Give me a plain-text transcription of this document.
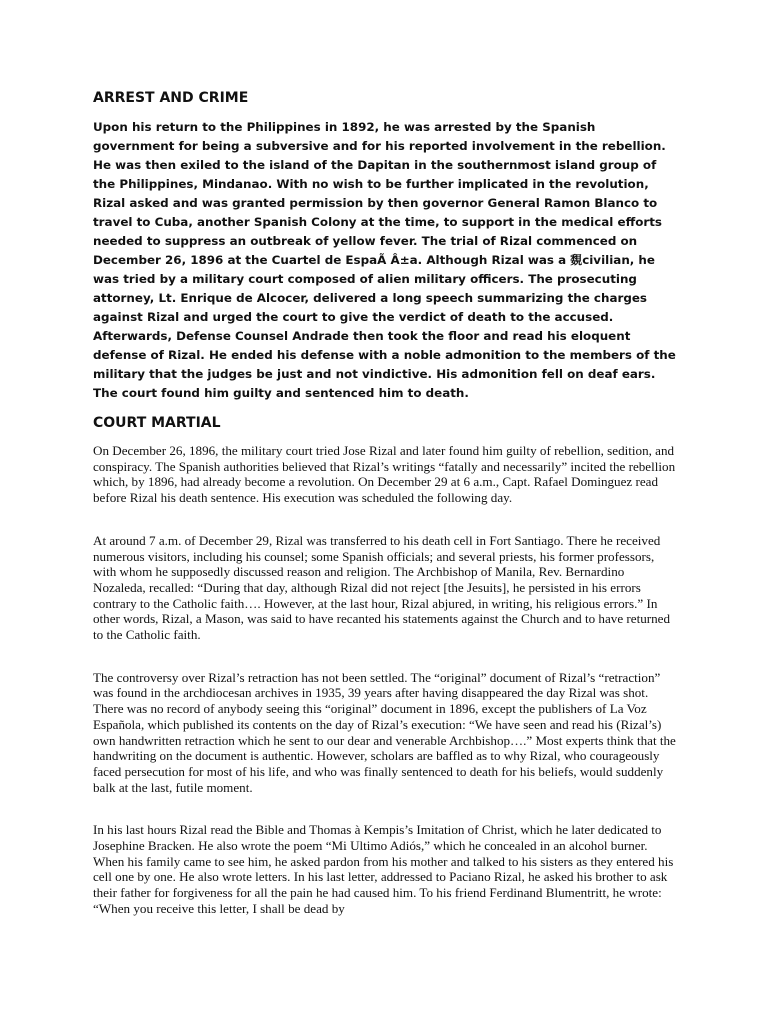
ARREST AND CRIME

Upon his return to the Philippines in 1892, he was arrested by the Spanish government for being a subversive and for his reported involvement in the rebellion. He was then exiled to the island of the Dapitan in the southernmost island group of the Philippines, Mindanao. With no wish to be further implicated in the revolution, Rizal asked and was granted permission by then governor General Ramon Blanco to travel to Cuba, another Spanish Colony at the time, to support in the medical efforts needed to suppress an outbreak of yellow fever. The trial of Rizal commenced on December 26, 1896 at the Cuartel de EspaÃ Â±a. Although Rizal was a 覣civilian, he was tried by a military court composed of alien military officers. The prosecuting attorney, Lt. Enrique de Alcocer, delivered a long speech summarizing the charges against Rizal and urged the court to give the verdict of death to the accused. Afterwards, Defense Counsel Andrade then took the floor and read his eloquent defense of Rizal. He ended his defense with a noble admonition to the members of the military that the judges be just and not vindictive. His admonition fell on deaf ears. The court found him guilty and sentenced him to death.

COURT MARTIAL

On December 26, 1896, the military court tried Jose Rizal and later found him guilty of rebellion, sedition, and conspiracy. The Spanish authorities believed that Rizal’s writings “fatally and necessarily” incited the rebellion which, by 1896, had already become a revolution. On December 29 at 6 a.m., Capt. Rafael Dominguez read before Rizal his death sentence. His execution was scheduled the following day.

At around 7 a.m. of December 29, Rizal was transferred to his death cell in Fort Santiago. There he received numerous visitors, including his counsel; some Spanish officials; and several priests, his former professors, with whom he supposedly discussed reason and religion. The Archbishop of Manila, Rev. Bernardino Nozaleda, recalled: “During that day, although Rizal did not reject [the Jesuits], he persisted in his errors contrary to the Catholic faith…. However, at the last hour, Rizal abjured, in writing, his religious errors.” In other words, Rizal, a Mason, was said to have recanted his statements against the Church and to have returned to the Catholic faith.

The controversy over Rizal’s retraction has not been settled. The “original” document of Rizal’s “retraction” was found in the archdiocesan archives in 1935, 39 years after having disappeared the day Rizal was shot. There was no record of anybody seeing this “original” document in 1896, except the publishers of La Voz Española, which published its contents on the day of Rizal’s execution: “We have seen and read his (Rizal’s) own handwritten retraction which he sent to our dear and venerable Archbishop….” Most experts think that the handwriting on the document is authentic. However, scholars are baffled as to why Rizal, who courageously faced persecution for most of his life, and who was finally sentenced to death for his beliefs, would suddenly balk at the last, futile moment.

In his last hours Rizal read the Bible and Thomas à Kempis’s Imitation of Christ, which he later dedicated to Josephine Bracken. He also wrote the poem “Mi Ultimo Adiós,” which he concealed in an alcohol burner. When his family came to see him, he asked pardon from his mother and talked to his sisters as they entered his cell one by one. He also wrote letters. In his last letter, addressed to Paciano Rizal, he asked his brother to ask their father for forgiveness for all the pain he had caused him. To his friend Ferdinand Blumentritt, he wrote: “When you receive this letter, I shall be dead by
